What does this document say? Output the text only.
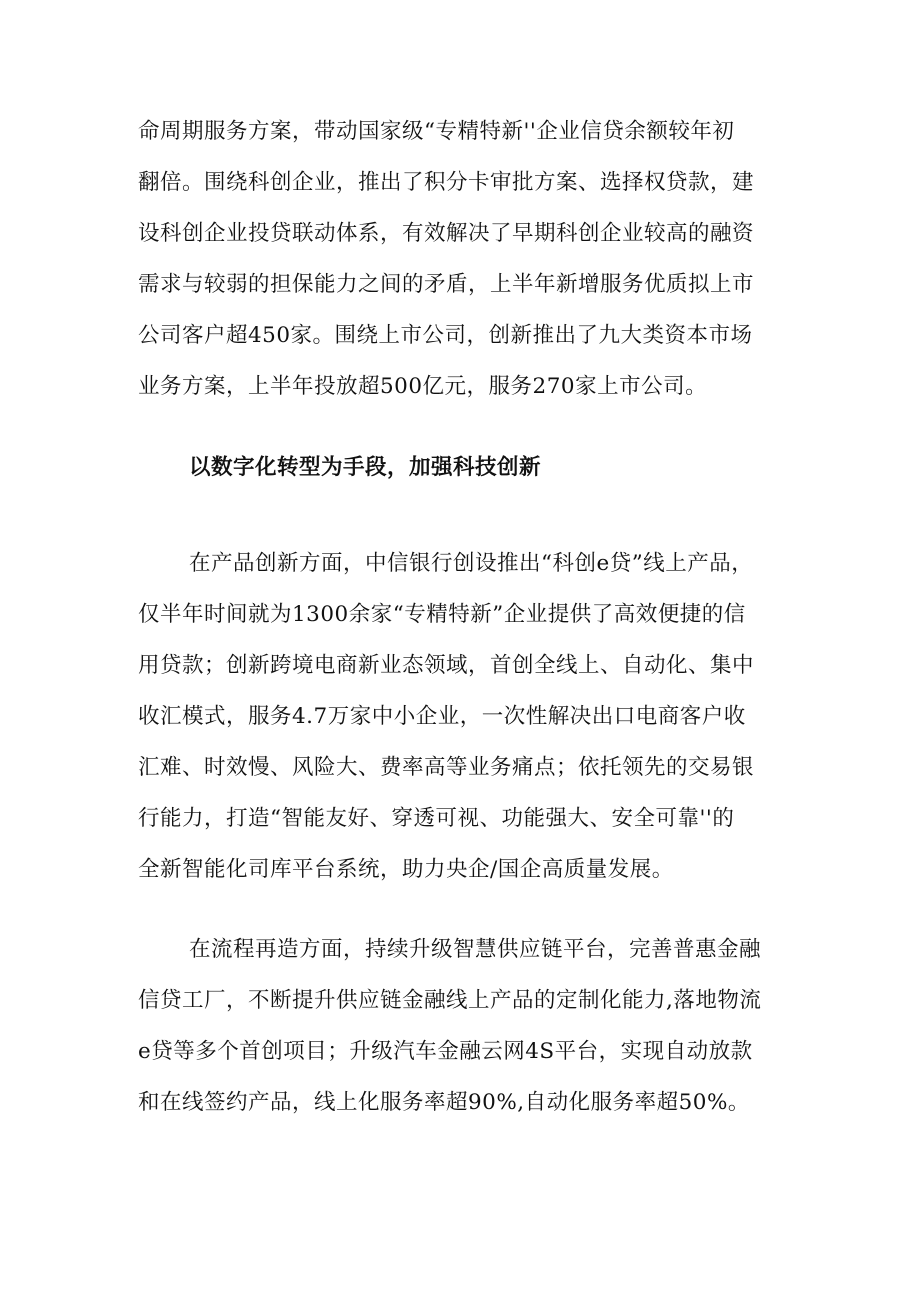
命周期服务方案，带动国家级“专精特新''企业信贷余额较年初
翻倍。围绕科创企业，推出了积分卡审批方案、选择权贷款，建
设科创企业投贷联动体系，有效解决了早期科创企业较高的融资
需求与较弱的担保能力之间的矛盾，上半年新增服务优质拟上市
公司客户超450家。围绕上市公司，创新推出了九大类资本市场
业务方案，上半年投放超500亿元，服务270家上市公司。
以数字化转型为手段，加强科技创新
在产品创新方面，中信银行创设推出“科创e贷”线上产品，
仅半年时间就为1300余家“专精特新”企业提供了高效便捷的信
用贷款；创新跨境电商新业态领域，首创全线上、自动化、集中
收汇模式，服务4.7万家中小企业，一次性解决出口电商客户收
汇难、时效慢、风险大、费率高等业务痛点；依托领先的交易银
行能力，打造“智能友好、穿透可视、功能强大、安全可靠''的
全新智能化司库平台系统，助力央企/国企高质量发展。
在流程再造方面，持续升级智慧供应链平台，完善普惠金融
信贷工厂，不断提升供应链金融线上产品的定制化能力,落地物流
e贷等多个首创项目；升级汽车金融云网4S平台，实现自动放款
和在线签约产品，线上化服务率超90%,自动化服务率超50%。
